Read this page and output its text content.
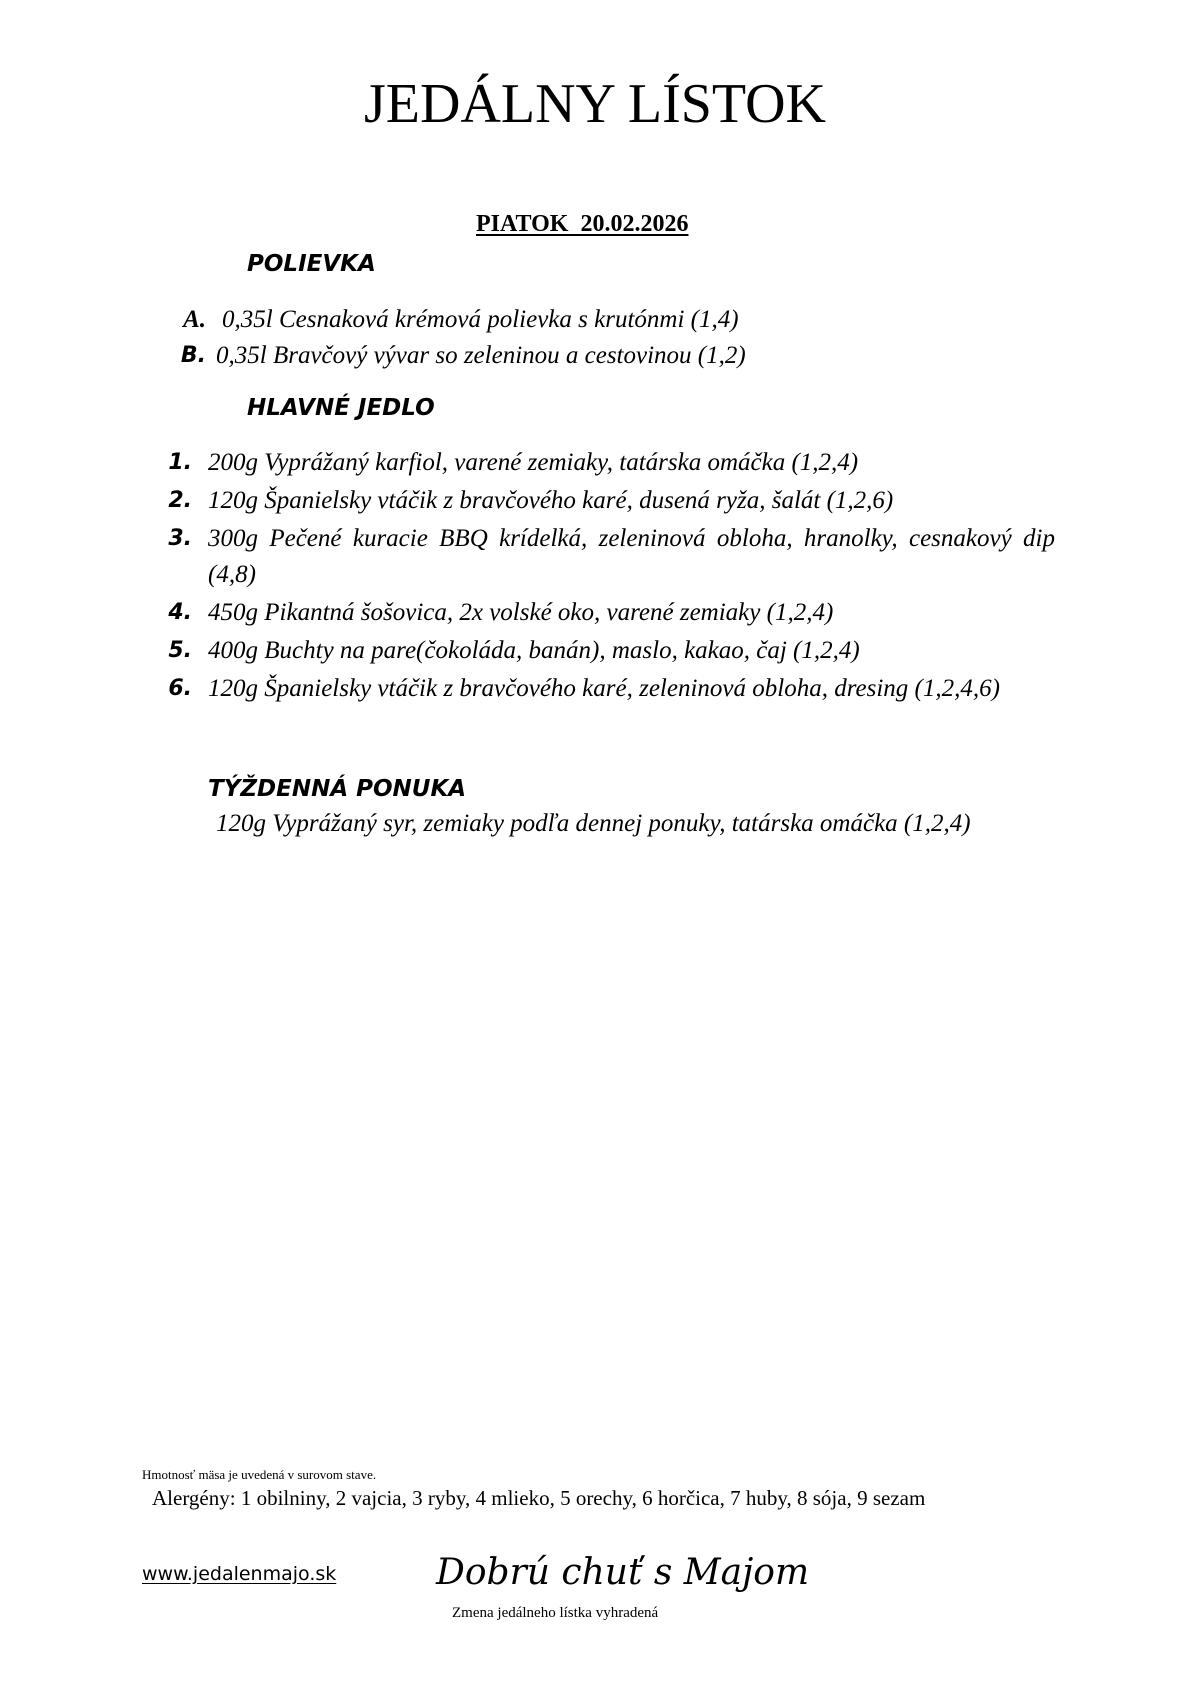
JEDÁLNY LÍSTOK
PIATOK  20.02.2026
POLIEVKA
A. 0,35l Cesnaková krémová polievka s krutónmi (1,4)
B. 0,35l Bravčový vývar so zeleninou a cestovinou (1,2)
HLAVNÉ JEDLO
1. 200g Vyprážaný karfiol, varené zemiaky, tatárska omáčka (1,2,4)
2. 120g Španielsky vtáčik z bravčového karé, dusená ryža, šalát (1,2,6)
3. 300g Pečené kuracie BBQ krídelká, zeleninová obloha, hranolky, cesnakový dip (4,8)
4. 450g Pikantná šošovica, 2x volské oko, varené zemiaky (1,2,4)
5. 400g Buchty na pare(čokoláda, banán), maslo, kakao, čaj (1,2,4)
6. 120g Španielsky vtáčik z bravčového karé, zeleninová obloha, dresing (1,2,4,6)
TÝŽDENNÁ PONUKA
120g Vyprážaný syr, zemiaky podľa dennej ponuky, tatárska omáčka (1,2,4)
Hmotnosť mäsa je uvedená v surovom stave.
Alergény: 1 obilniny, 2 vajcia, 3 ryby, 4 mlieko, 5 orechy, 6 horčica, 7 huby, 8 sója, 9 sezam
www.jedalenmajo.sk	Dobrú chuť s Majom
Zmena jedálneho lístka vyhradená
